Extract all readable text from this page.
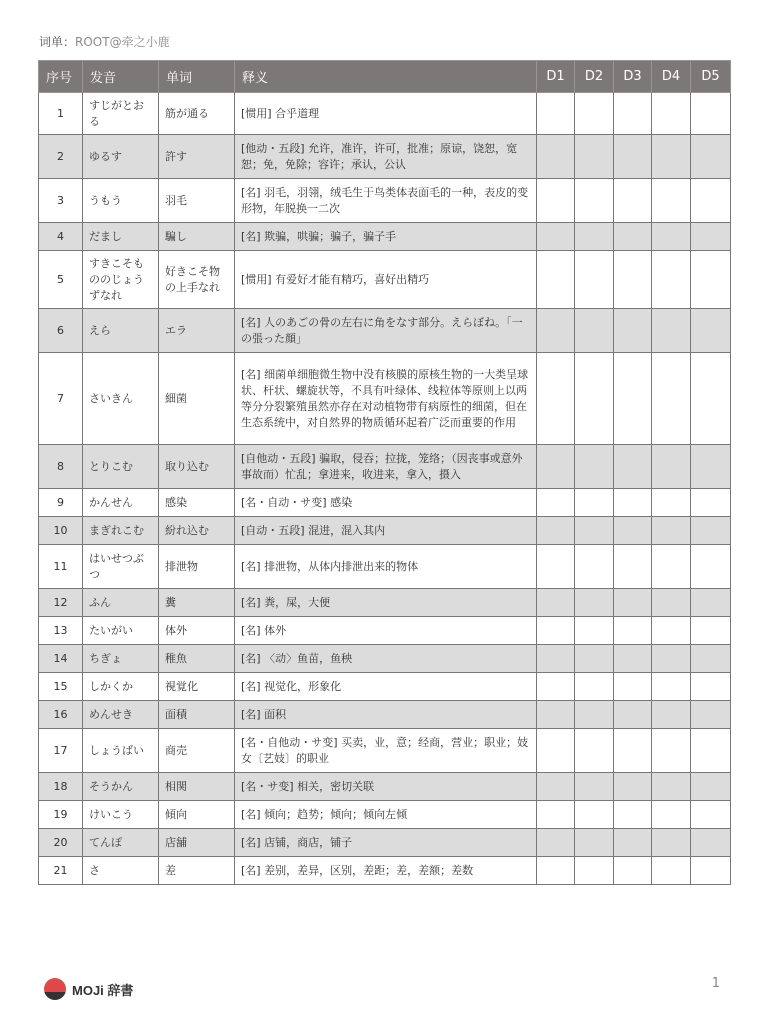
词单：ROOT@牵之小鹿
序号	发音	单词	释义	D1	D2	D3	D4	D5
1	すじがとおる	筋が通る	[惯用] 合乎道理					
2	ゆるす	許す	[他动・五段] 允许，准许，许可，批准；原谅，饶恕，宽恕；免，免除；容许；承认，公认					
3	うもう	羽毛	[名] 羽毛，羽翎，绒毛生于鸟类体表面毛的一种，表皮的变形物，年脱换一二次					
4	だまし	騙し	[名] 欺骗，哄骗；骗子，骗子手					
5	すきこそもののじょうずなれ	好きこそ物の上手なれ	[惯用] 有爱好才能有精巧，喜好出精巧					
6	えら	エラ	[名] 人のあごの骨の左右に角をなす部分。えらぼね。「一の張った顔」					
7	さいきん	細菌	[名] 细菌单细胞微生物中没有核膜的原核生物的一大类呈球状、杆状、螺旋状等，不具有叶绿体、线粒体等原则上以两等分分裂繁殖虽然亦存在对动植物带有病原性的细菌，但在生态系统中，对自然界的物质循环起着广泛而重要的作用					
8	とりこむ	取り込む	[自他动・五段] 骗取，侵吞；拉拢，笼络；（因丧事或意外事故而）忙乱；拿进来，收进来，拿入，摄入					
9	かんせん	感染	[名・自动・サ变] 感染					
10	まぎれこむ	紛れ込む	[自动・五段] 混进，混入其内					
11	はいせつぶつ	排泄物	[名] 排泄物，从体内排泄出来的物体					
12	ふん	糞	[名] 粪，屎，大便					
13	たいがい	体外	[名] 体外					
14	ちぎょ	稚魚	[名] 〈动〉鱼苗，鱼秧					
15	しかくか	視覚化	[名] 视觉化，形象化					
16	めんせき	面積	[名] 面积					
17	しょうばい	商売	[名・自他动・サ变] 买卖，业，意；经商，营业；职业；妓女〔艺妓〕的职业					
18	そうかん	相関	[名・サ变] 相关，密切关联					
19	けいこう	傾向	[名] 倾向；趋势；倾向；倾向左倾					
20	てんぽ	店舗	[名] 店铺，商店，铺子					
21	さ	差	[名] 差别，差异，区别，差距；差，差额；差数					
MOJi 辞書	1
